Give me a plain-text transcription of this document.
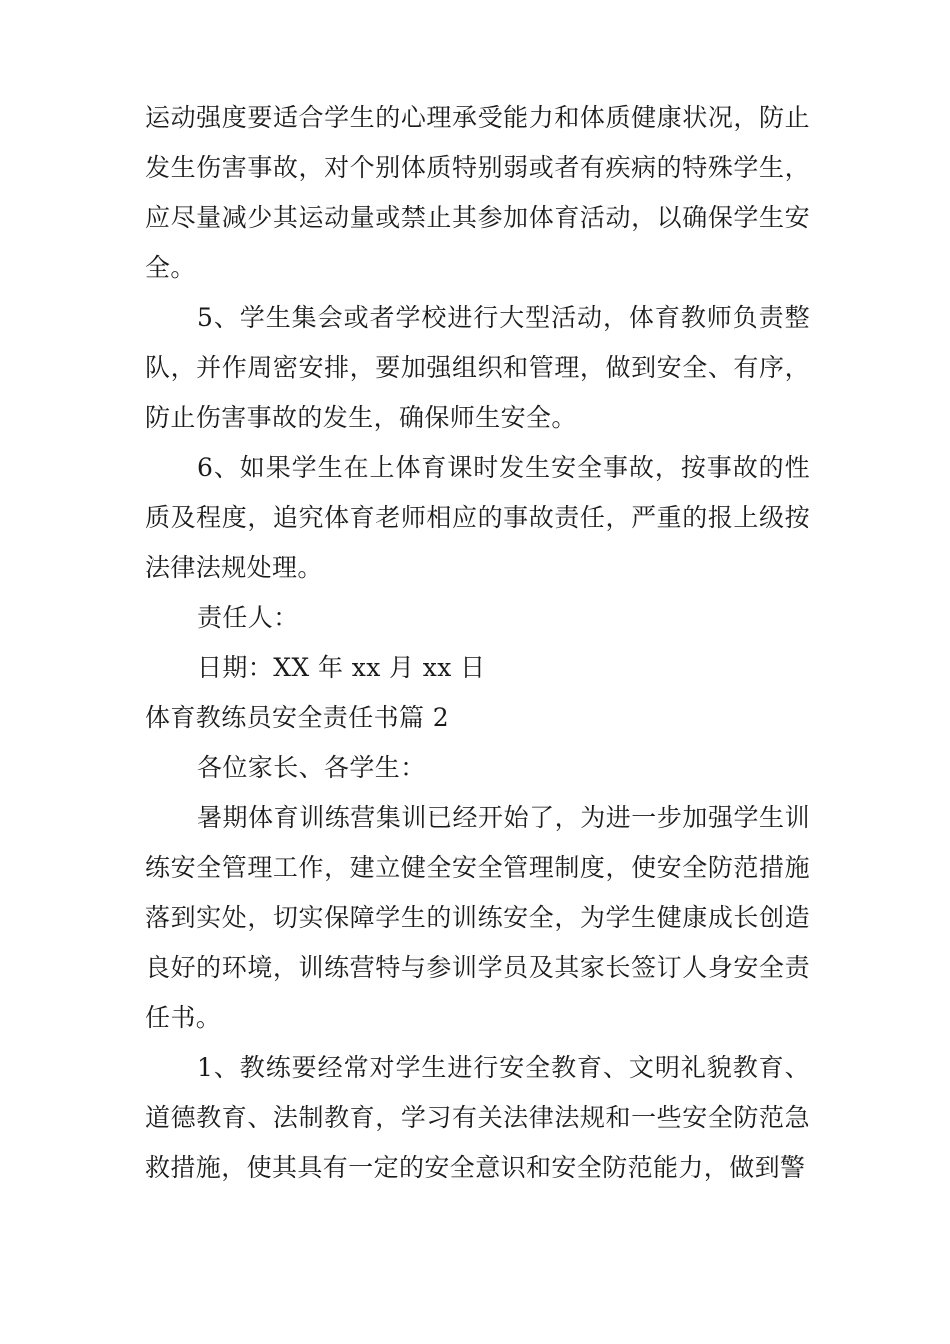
运动强度要适合学生的心理承受能力和体质健康状况，防止发生伤害事故，对个别体质特别弱或者有疾病的特殊学生，应尽量减少其运动量或禁止其参加体育活动，以确保学生安全。

5、学生集会或者学校进行大型活动，体育教师负责整队，并作周密安排，要加强组织和管理，做到安全、有序，防止伤害事故的发生，确保师生安全。

6、如果学生在上体育课时发生安全事故，按事故的性质及程度，追究体育老师相应的事故责任，严重的报上级按法律法规处理。

责任人：

日期：XX 年 xx 月 xx 日

体育教练员安全责任书篇 2

各位家长、各学生：

暑期体育训练营集训已经开始了，为进一步加强学生训练安全管理工作，建立健全安全管理制度，使安全防范措施落到实处，切实保障学生的训练安全，为学生健康成长创造良好的环境，训练营特与参训学员及其家长签订人身安全责任书。

1、教练要经常对学生进行安全教育、文明礼貌教育、道德教育、法制教育，学习有关法律法规和一些安全防范急救措施，使其具有一定的安全意识和安全防范能力，做到警
